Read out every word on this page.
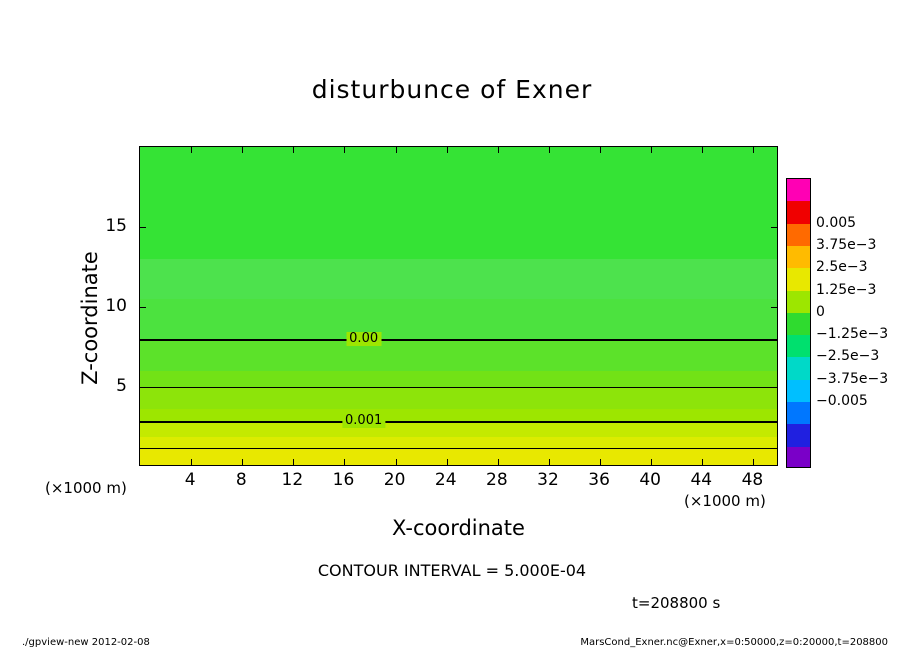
disturbunce of Exner
0.00
0.001
4 8 12 16 20 24 28 32 36 40 44 48
5
10
15
X-coordinate
Z-coordinate
(×1000 m)
(×1000 m)
0.005
3.75e−3
2.5e−3
1.25e−3
0
−1.25e−3
−2.5e−3
−3.75e−3
−0.005
CONTOUR INTERVAL = 5.000E-04
t=208800 s
./gpview-new 2012-02-08	MarsCond_Exner.nc@Exner,x=0:50000,z=0:20000,t=208800
